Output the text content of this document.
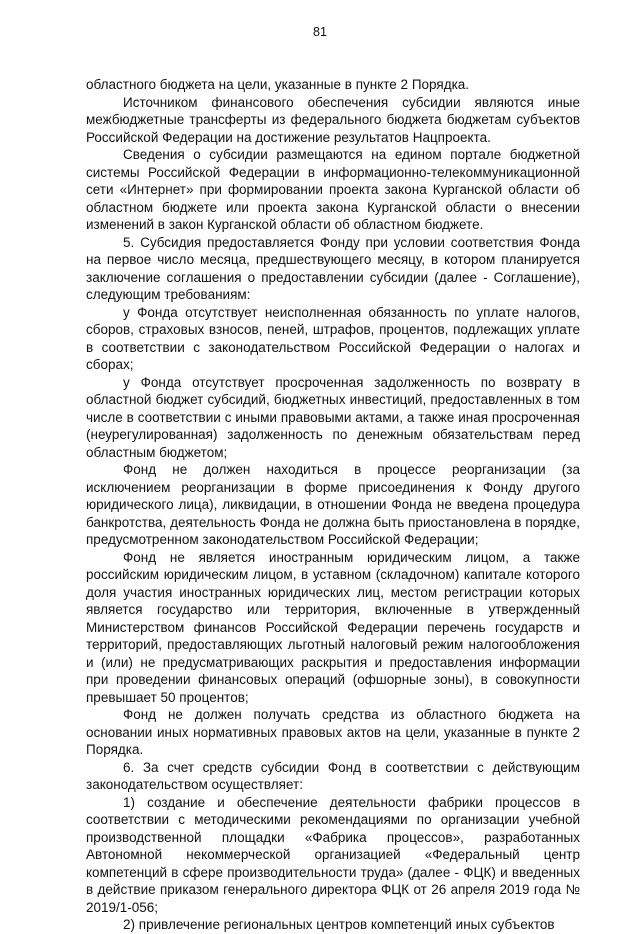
81

областного бюджета на цели, указанные в пункте 2 Порядка.

Источником финансового обеспечения субсидии являются иные межбюджетные трансферты из федерального бюджета бюджетам субъектов Российской Федерации на достижение результатов Нацпроекта.

Сведения о субсидии размещаются на едином портале бюджетной системы Российской Федерации в информационно-телекоммуникационной сети «Интернет» при формировании проекта закона Курганской области об областном бюджете или проекта закона Курганской области о внесении изменений в закон Курганской области об областном бюджете.

5. Субсидия предоставляется Фонду при условии соответствия Фонда на первое число месяца, предшествующего месяцу, в котором планируется заключение соглашения о предоставлении субсидии (далее - Соглашение), следующим требованиям:

у Фонда отсутствует неисполненная обязанность по уплате налогов, сборов, страховых взносов, пеней, штрафов, процентов, подлежащих уплате в соответствии с законодательством Российской Федерации о налогах и сборах;

у Фонда отсутствует просроченная задолженность по возврату в областной бюджет субсидий, бюджетных инвестиций, предоставленных в том числе в соответствии с иными правовыми актами, а также иная просроченная (неурегулированная) задолженность по денежным обязательствам перед областным бюджетом;

Фонд не должен находиться в процессе реорганизации (за исключением реорганизации в форме присоединения к Фонду другого юридического лица), ликвидации, в отношении Фонда не введена процедура банкротства, деятельность Фонда не должна быть приостановлена в порядке, предусмотренном законодательством Российской Федерации;

Фонд не является иностранным юридическим лицом, а также российским юридическим лицом, в уставном (складочном) капитале которого доля участия иностранных юридических лиц, местом регистрации которых является государство или территория, включенные в утвержденный Министерством финансов Российской Федерации перечень государств и территорий, предоставляющих льготный налоговый режим налогообложения и (или) не предусматривающих раскрытия и предоставления информации при проведении финансовых операций (офшорные зоны), в совокупности превышает 50 процентов;

Фонд не должен получать средства из областного бюджета на основании иных нормативных правовых актов на цели, указанные в пункте 2 Порядка.

6. За счет средств субсидии Фонд в соответствии с действующим законодательством осуществляет:

1) создание и обеспечение деятельности фабрики процессов в соответствии с методическими рекомендациями по организации учебной производственной площадки «Фабрика процессов», разработанных Автономной некоммерческой организацией «Федеральный центр компетенций в сфере производительности труда» (далее - ФЦК) и введенных в действие приказом генерального директора ФЦК от 26 апреля 2019 года № 2019/1-056;

2) привлечение региональных центров компетенций иных субъектов
